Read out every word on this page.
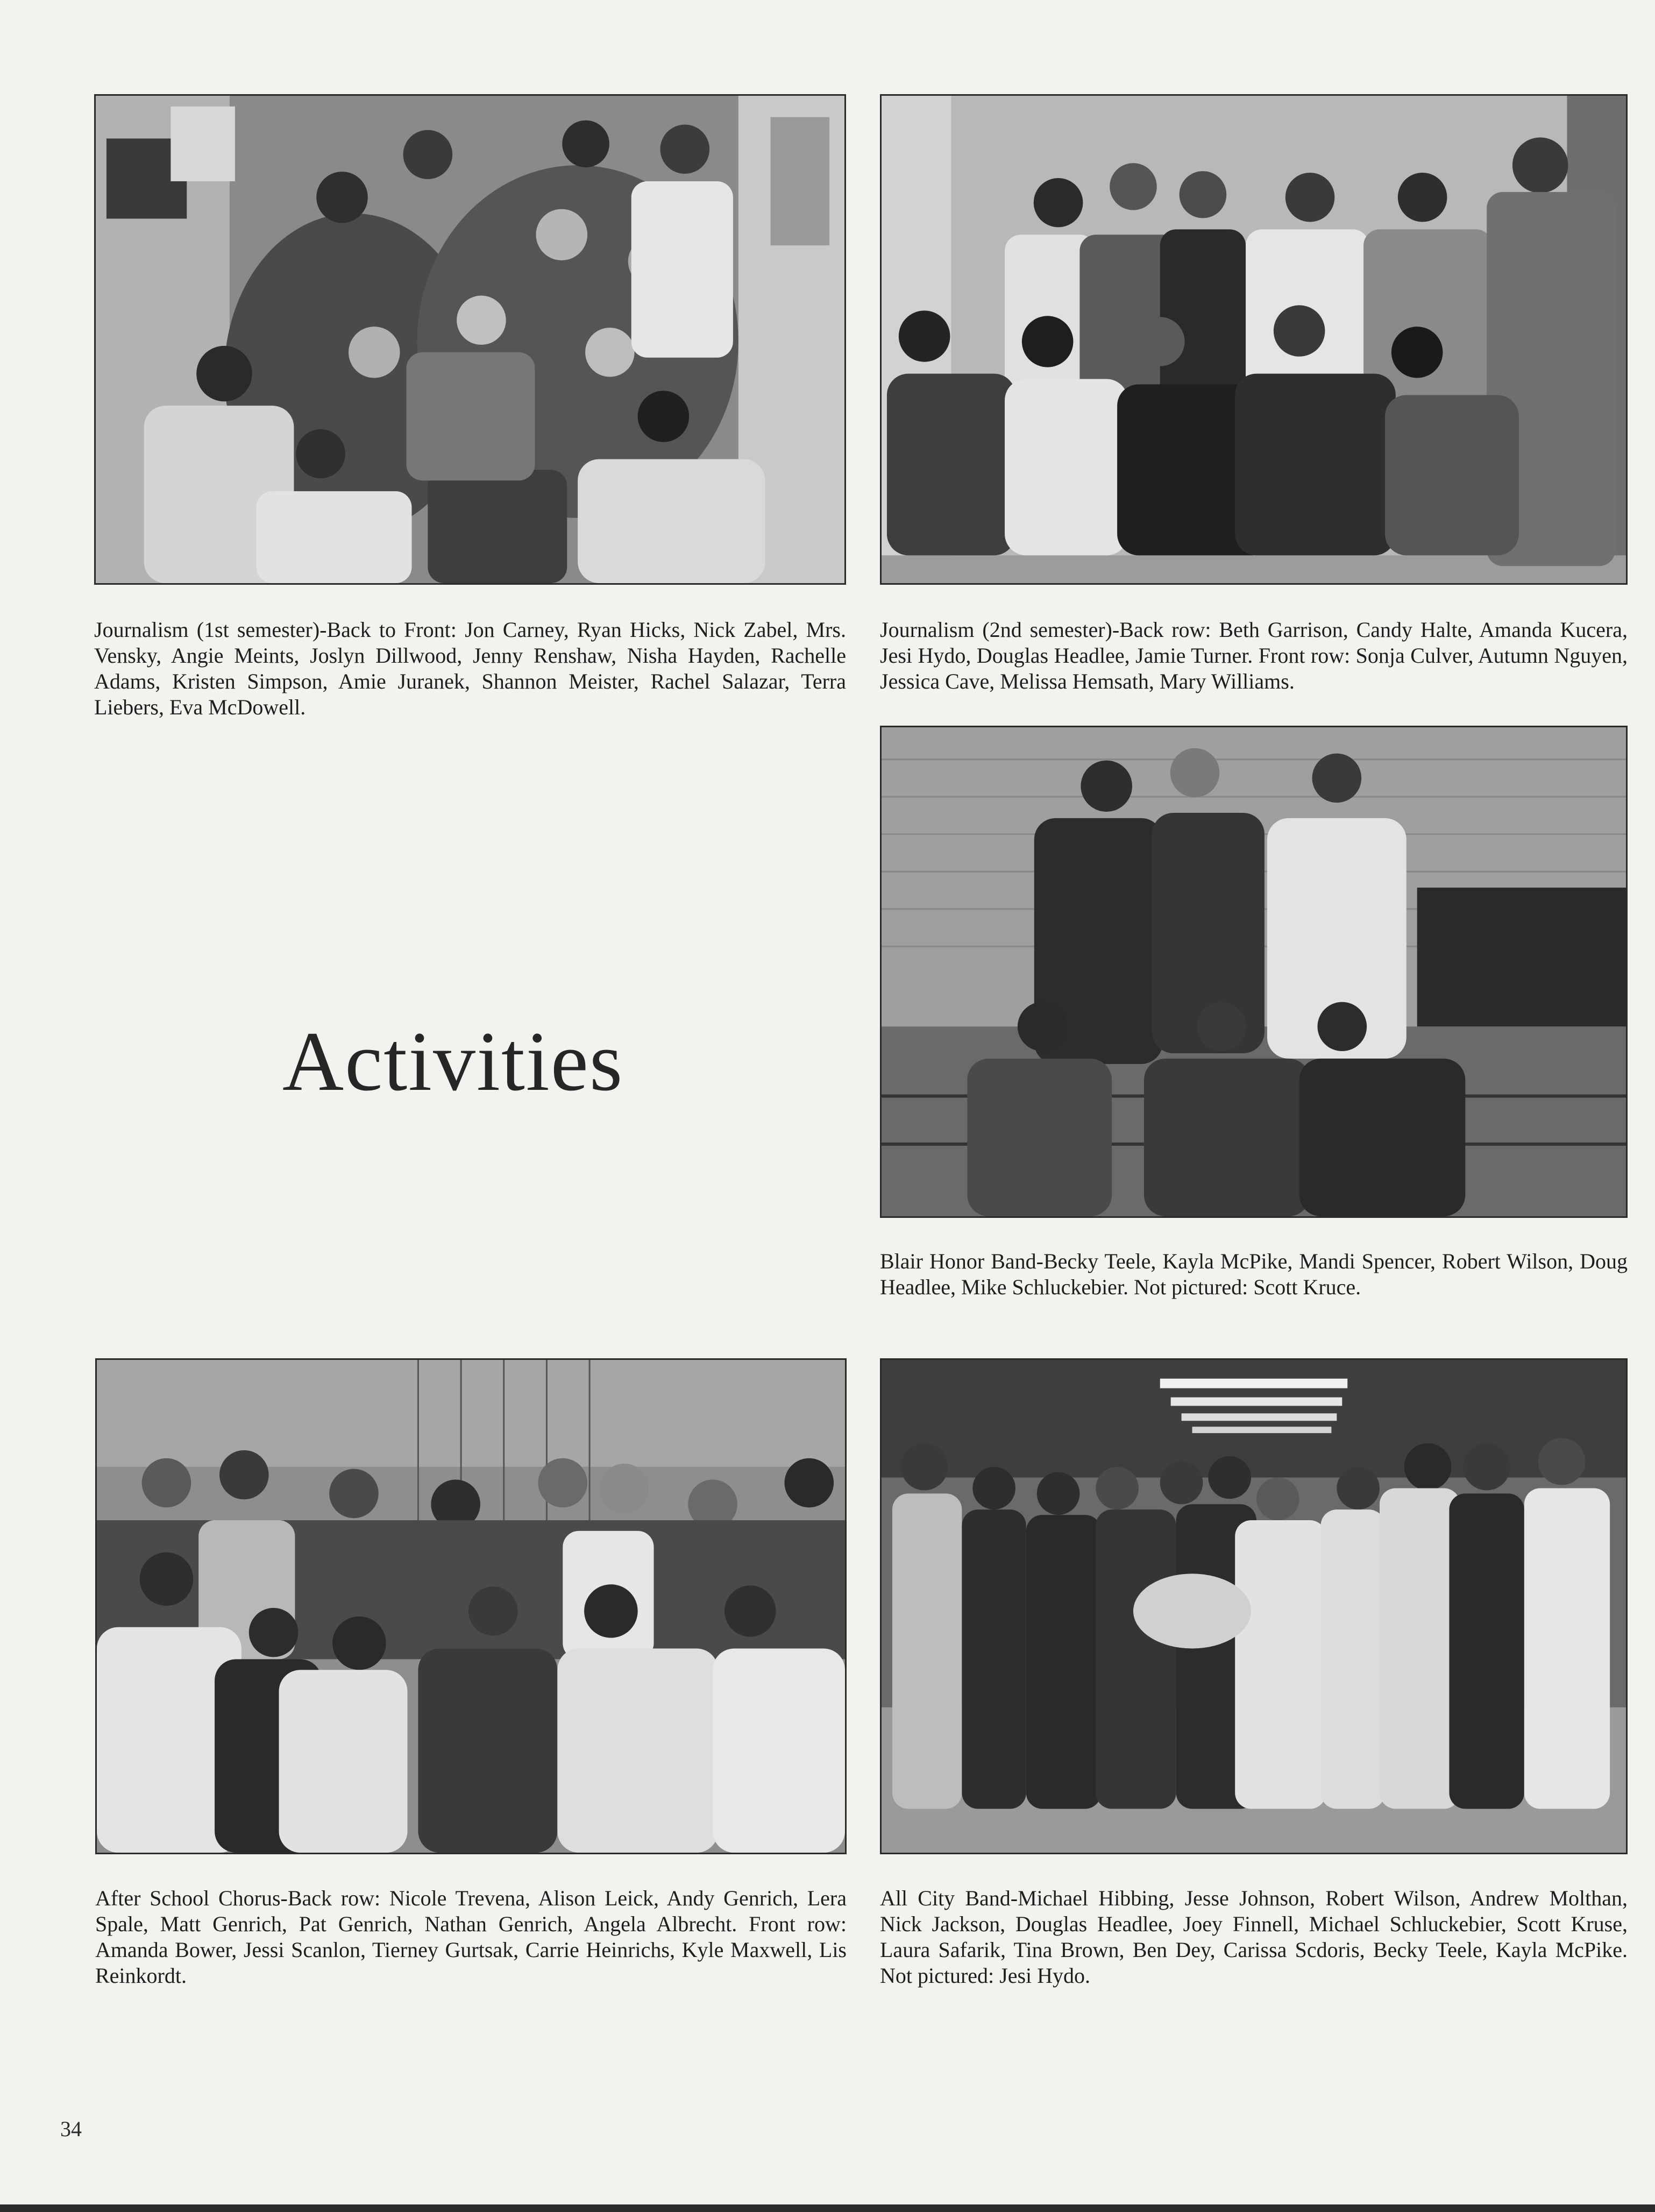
Journalism (1st semester)-Back to Front: Jon Carney, Ryan Hicks, Nick Zabel, Mrs. Vensky, Angie Meints, Joslyn Dillwood, Jenny Renshaw, Nisha Hayden, Rachelle Adams, Kristen Simpson, Amie Juranek, Shannon Meister, Rachel Salazar, Terra Liebers, Eva McDowell.
Journalism (2nd semester)-Back row: Beth Garrison, Candy Halte, Amanda Kucera, Jesi Hydo, Douglas Headlee, Jamie Turner. Front row: Sonja Culver, Autumn Nguyen, Jessica Cave, Melissa Hemsath, Mary Williams.
Blair Honor Band-Becky Teele, Kayla McPike, Mandi Spencer, Robert Wilson, Doug Headlee, Mike Schluckebier. Not pictured: Scott Kruce.
Activities
After School Chorus-Back row: Nicole Trevena, Alison Leick, Andy Genrich, Lera Spale, Matt Genrich, Pat Genrich, Nathan Genrich, Angela Albrecht. Front row: Amanda Bower, Jessi Scanlon, Tierney Gurtsak, Carrie Heinrichs, Kyle Maxwell, Lis Reinkordt.
All City Band-Michael Hibbing, Jesse Johnson, Robert Wilson, Andrew Molthan, Nick Jackson, Douglas Headlee, Joey Finnell, Michael Schluckebier, Scott Kruse, Laura Safarik, Tina Brown, Ben Dey, Carissa Scdoris, Becky Teele, Kayla McPike. Not pictured: Jesi Hydo.
34
